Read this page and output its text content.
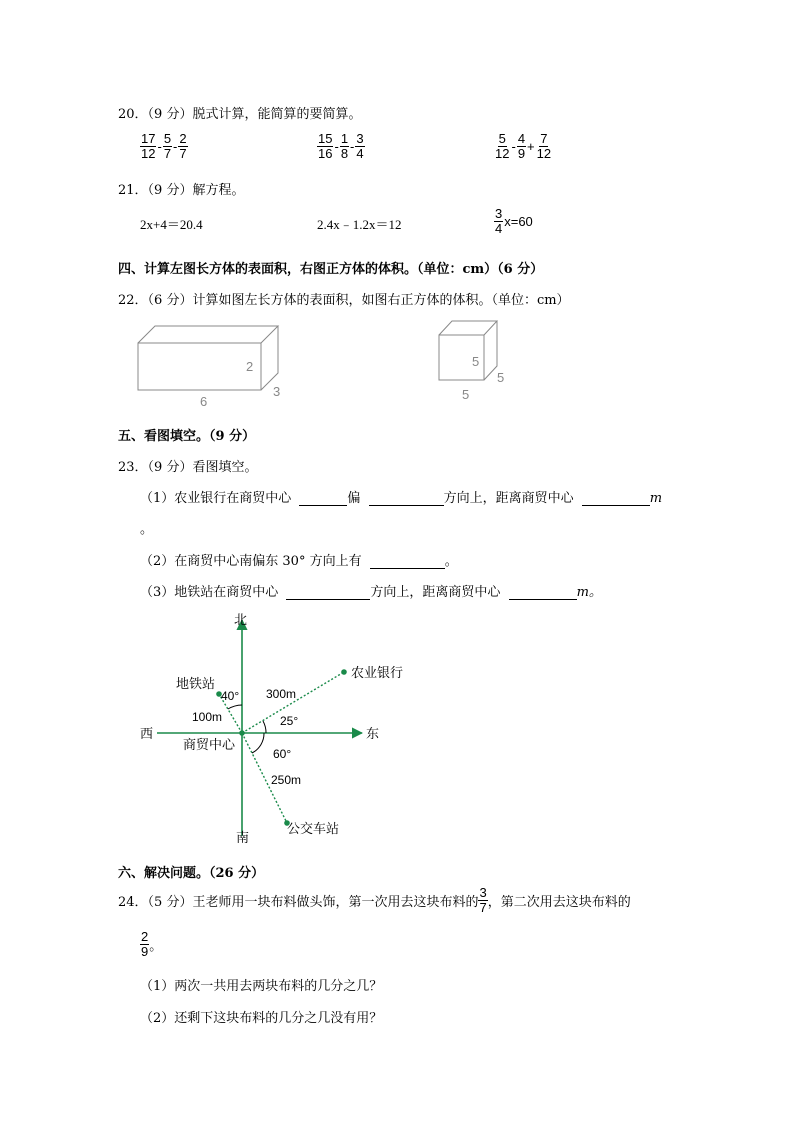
20．（9 分）脱式计算，能简算的要简算。
$\frac{17}{12} - \frac{5}{7} - \frac{2}{7}$	$\frac{15}{16} - \frac{1}{8} - \frac{3}{4}$	$\frac{5}{12} - \frac{4}{9} + \frac{7}{12}$
21．（9 分）解方程。
2x+4＝20.4	2.4x﹣1.2x＝12	$\frac{3}{4} x=60$
四、计算左图长方体的表面积，右图正方体的体积。（单位：cm）（6 分）
22．（6 分）计算如图左长方体的表面积，如图右正方体的体积。（单位：cm）
2
3
6
5
5
5
五、看图填空。（9 分）
23．（9 分）看图填空。
（1）农业银行在商贸中心	偏	方向上，距离商贸中心	m
。
（2）在商贸中心南偏东 30° 方向上有	。
（3）地铁站在商贸中心	方向上，距离商贸中心	m。
北
南
西	东
商贸中心
地铁站
农业银行
公交车站
40°
25°
60°
100m
300m
250m
六、解决问题。（26 分）
24．（5 分）王老师用一块布料做头饰，第一次用去这块布料的 $\frac{3}{7}$ ，第二次用去这块布料的
$\frac{2}{9}$ 。
（1）两次一共用去两块布料的几分之几？
（2）还剩下这块布料的几分之几没有用？
